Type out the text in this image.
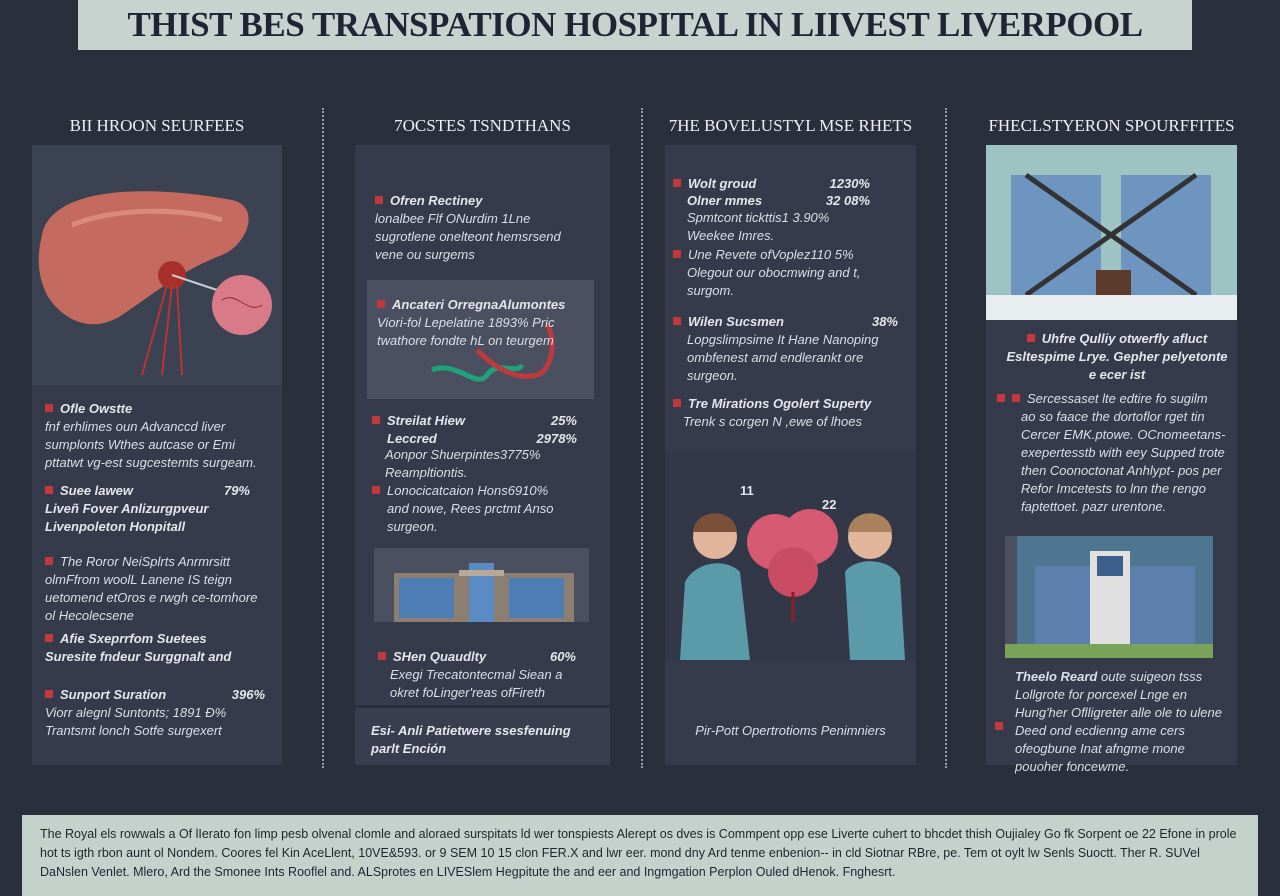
THIST BES TRANSPATION HOSPITAL IN LIIVEST LIVERPOOL
BII HROON SEURFEES	7OCSTES TSNDTHANS	7HE BOVELUSTYL MSE RHETS	FHECLSTYERON SPOURFFITES
Ofle Owstte
fnf erhlimes oun Advanccd liver sumplonts Wthes autcase or Emi pttatwt vg-est sugcestemts surgeam.
Suee lawew	79%
Liveñ Fover Anlizurgpveur Livenpoleton Honpitall
The Roror NeiSplrts Anrmrsitt
olmFfrom woolL Lanene IS teign uetomend etOros e rwgh ce-tomhore ol Hecolecsene
Afie Sxeprrfom Suetees
Suresite fndeur Surggnalt and
Sunport Suration	396%
Viorr alegnl Suntonts; 1891 Ð% Trantsmt lonch Sotfe surgexert
Ofren Rectiney
lonalbee Flf ONurdim 1Lne sugrotlene onelteont hemsrsend vene ou surgems
Ancateri OrregnaAlumontes
Viori-fol Lepelatine 1893% Pric twathore fondte hL on teurgem
Streilat Hiew	25%
Leccred	2978%
Aonpor Shuerpintes3775%
Reampltiontis.
Lonocicatcaion Hons6910%
and nowe, Rees prctmt Anso surgeon.
SHen Quaudlty	60%
Exegi Trecatontecmal Siean a okret foLinger'reas ofFireth
Esi- Anli Patietwere ssesfenuing parlt Ención
Wolt groud	1230%
Olner mmes	32 08%
Spmtcont tickttis1 3.90%
Weekee Imres.
Une Revete ofVoplez110 5%
Olegout our obocmwing and t, surgom.
Wilen Sucsmen	38%
Lopgslimpsime It Hane Nanoping ombfenest amd endlerankt ore surgeon.
Tre Mirations Ogolert Superty
Trenk s corgen N ,ewe of lhoes
11
22
Pir-Pott Opertrotioms Penimniers
Uhfre Qulliy otwerfly afluct
Esltespime Lrye. Gepher pelyetonte e ecer ist
Sercessaset lte edtire fo sugilm
ao so faace the dortoflor rget tin Cercer EMK.ptowe. OCnomeetans- exepertesstb with eey Supped trote then Coonoctonat Anhlypt- pos per Refor Imcetests to lnn the rengo faptettoet. pazr urentone.
Theelo Reard oute suigeon tsss Lollgrote for porcexel Lnge en Hung'her Oflligreter alle ole to ulene Deed ond ecdienng ame cers ofeogbune Inat afngme mone pouoher foncewme.
The Royal els rowwals a Of lIerato fon limp pesb olvenal clomle and aloraed surspitats ld wer tonspiests Alerept os dves is Commpent opp ese Liverte cuhert to bhcdet thish Oujialey Go fk Sorpent oe 22 Efone in prole hot ts igth rbon aunt ol Nondem. Coores fel Kin AceLlent, 10VE&593. or 9 SEM 10 15 clon FER.X and lwr eer. mond dny Ard tenme enbenion-- in cld Siotnar RBre, pe. Tem ot oylt lw Senls Suoctt. Ther R. SUVel DaNslen Venlet. Mlero, Ard the Smonee Ints Rooflel and. ALSprotes en LIVESlem Hegpitute the and eer and Ingmgation Perplon Ouled dHenok. Fnghesrt.
